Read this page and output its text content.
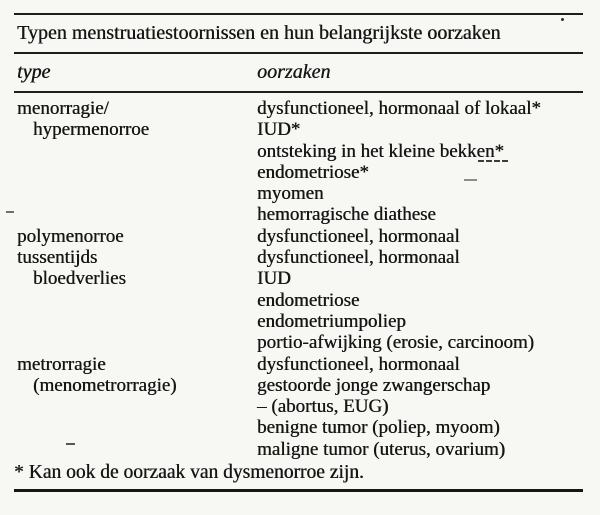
Typen menstruatiestoornissen en hun belangrijkste oorzaken
type	oorzaken
menorragie/
hypermenorroe
dysfunctioneel, hormonaal of lokaal*
IUD*
ontsteking in het kleine bekken*
endometriose*
myomen
hemorragische diathese
polymenorroe	dysfunctioneel, hormonaal
tussentijds
bloedverlies
dysfunctioneel, hormonaal
IUD
endometriose
endometriumpoliep
portio-afwijking (erosie, carcinoom)
metrorragie
(menometrorragie)
dysfunctioneel, hormonaal
gestoorde jonge zwangerschap
– (abortus, EUG)
benigne tumor (poliep, myoom)
maligne tumor (uterus, ovarium)
* Kan ook de oorzaak van dysmenorroe zijn.
